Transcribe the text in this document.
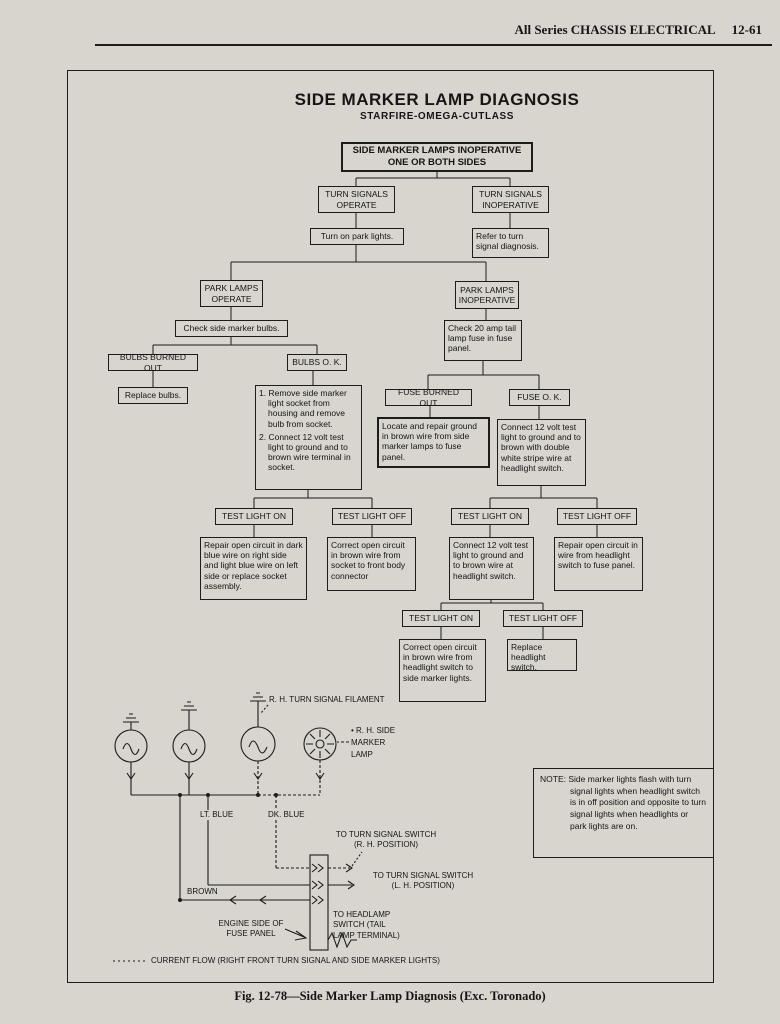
All Series CHASSIS ELECTRICAL 12-61
SIDE MARKER LAMP DIAGNOSIS
STARFIRE-OMEGA-CUTLASS
SIDE MARKER LAMPS INOPERATIVE
ONE OR BOTH SIDES
TURN SIGNALS OPERATE
TURN SIGNALS INOPERATIVE
Turn on park lights.	Refer to turn signal diagnosis.
PARK LAMPS OPERATE
PARK LAMPS INOPERATIVE
Check side marker bulbs.
BULBS BURNED OUT
BULBS O. K.
Replace bulbs.	1. Remove side marker light socket from housing and remove bulb from socket.

2. Connect 12 volt test light to ground and to brown wire terminal in socket.

Check 20 amp tail lamp fuse in fuse panel.
FUSE BURNED OUT
FUSE O. K.
Locate and repair ground in brown wire from side marker lamps to fuse panel.
Connect 12 volt test light to ground and to brown with double white stripe wire at headlight switch.
TEST LIGHT ON	TEST LIGHT OFF
Repair open circuit in dark blue wire on right side and light blue wire on left side or replace socket assembly.
Correct open circuit in brown wire from socket to front body connector
TEST LIGHT ON	TEST LIGHT OFF
Connect 12 volt test light to ground and to brown wire at headlight switch.
Repair open circuit in wire from headlight switch to fuse panel.
TEST LIGHT ON	TEST LIGHT OFF
Correct open circuit in brown wire from headlight switch to side marker lights.
Replace headlight switch.
R. H. TURN SIGNAL FILAMENT
• R. H. SIDE MARKER LAMP
LT. BLUE	DK. BLUE
TO TURN SIGNAL SWITCH (R. H. POSITION)
TO TURN SIGNAL SWITCH (L. H. POSITION)
BROWN
ENGINE SIDE OF FUSE PANEL
TO HEADLAMP SWITCH (TAIL LAMP TERMINAL)
CURRENT FLOW (RIGHT FRONT TURN SIGNAL AND SIDE MARKER LIGHTS)

NOTE: Side marker lights flash with turn signal lights when headlight switch is in off position and opposite to turn signal lights when headlights or park lights are on.

Fig. 12-78—Side Marker Lamp Diagnosis (Exc. Toronado)
